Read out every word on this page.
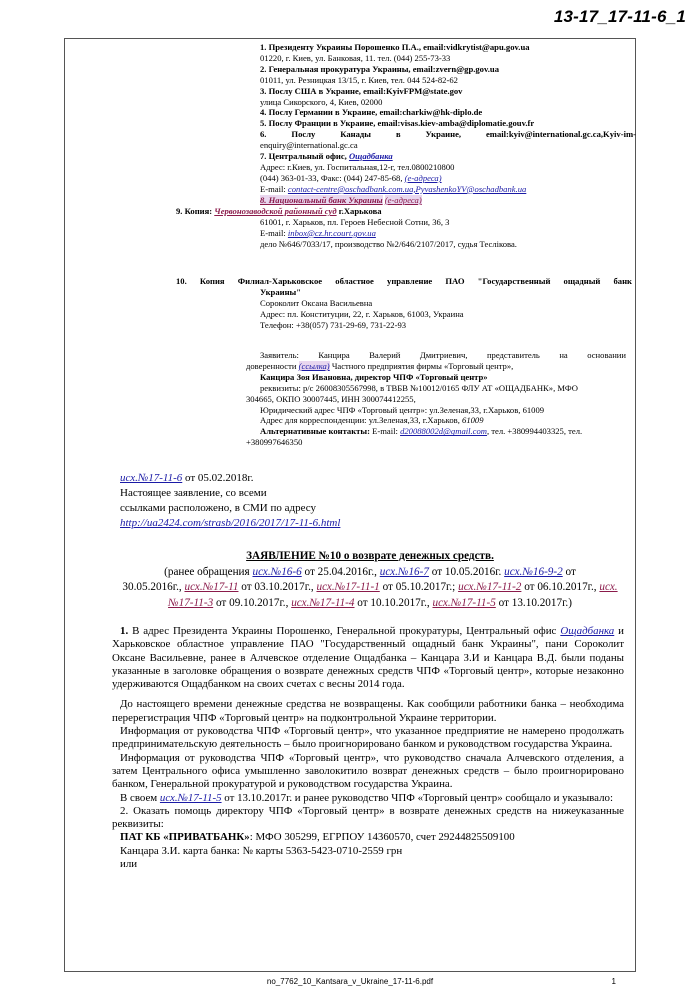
13-17_17-11-6_1
1. Президенту Украины Порошенко П.А., email:vidkrytist@apu.gov.ua
01220, г. Киев, ул. Банковая, 11. тел. (044) 255-73-33
2. Генеральная прокуратура Украины, email:zvern@gp.gov.ua
01011, ул. Резницкая 13/15, г. Киев, тел. 044 524-82-62
3. Послу США в Украине, email:KyivFPM@state.gov
улица Сикорского, 4, Киев, 02000
4. Послу Германии в Украине, email:charkiw@hk-diplo.de
5. Послу Франции в Украине, email:visas.kiev-amba@diplomatie.gouv.fr
6. Послу Канады в Украине, email:kyiv@international.gc.ca,Kyiv-im-
enquiry@international.gc.ca
7. Центральный офис, Ощадбанка
Адрес: г.Киев, ул. Госпитальная,12-г, тел.0800210800
(044) 363-01-33, Факс: (044) 247-85-68, (е-адреса)
E-mail: contact-centre@oschadbank.com.ua,PyvashenkoYV@oschadbank.ua
8. Национальный банк Украины (е-адреса)
9. Копия: Червонозаводской районный суд г.Харькова
61001, г. Харьков, пл. Героев Небесной Сотни, 36, 3
E-mail: inbox@cz.hr.court.gov.ua
дело №646/7033/17, производство №2/646/2107/2017, судья Теслікова.
10. Копия Филиал-Харьковское областное управление ПАО "Государственный ощадный банк
Украины"
Сороколит Оксана Васильевна
Адрес: пл. Конституции, 22, г. Харьков, 61003, Украина
Телефон: +38(057) 731-29-69, 731-22-93
Заявитель: Канцира Валерий Дмитриевич, представитель на основании
доверенности (ссылка) Частного предприятия фирмы «Торговый центр»,
Канцира Зоя Ивановна, директор ЧПФ «Торговый центр»
реквизиты: р/с 26008305567998, в ТВБВ №10012/0165 ФЛУ АТ «ОЩАДБАНК», МФО
304665, ОКПО 30007445, ИНН 300074412255,
Юридический адрес ЧПФ «Торговый центр»: ул.Зеленая,33, г.Харьков, 61009
Адрес для корреспонденции: ул.Зеленая,33, г.Харьков, 61009
Альтернативные контакты: E-mail: d20088002d@gmail.com, тел. +380994403325, тел.
+380997646350
исх.№17-11-6 от 05.02.2018г.
Настоящее заявление, со всеми
ссылками расположено, в СМИ по адресу
http://ua2424.com/strasb/2016/2017/17-11-6.html
ЗАЯВЛЕНИЕ №10 о возврате денежных средств.
(ранее обращения исх.№16-6 от 25.04.2016г., исх.№16-7 от 10.05.2016г. исх.№16-9-2 от
30.05.2016г., исх.№17-11 от 03.10.2017г., исх.№17-11-1 от 05.10.2017г.; исх.№17-11-2 от 06.10.2017г., исх.
№17-11-3 от 09.10.2017г., исх.№17-11-4 от 10.10.2017г., исх.№17-11-5 от 13.10.2017г.)

1. В адрес Президента Украины Порошенко, Генеральной прокуратуры, Центральный офис Ощадбанка и Харьковское областное управление ПАО "Государственный ощадный банк Украины", пани Сороколит Оксане Васильевне, ранее в Алчевское отделение Ощадбанка – Канцара З.И и Канцара В.Д. были поданы указанные в заголовке обращения о возврате денежных средств ЧПФ «Торговый центр», которые незаконно удерживаются Ощадбанком на своих счетах с весны 2014 года.

До настоящего времени денежные средства не возвращены. Как сообщили работники банка – необходима перерегистрация ЧПФ «Торговый центр» на подконтрольной Украине территории.

Информация от руководства ЧПФ «Торговый центр», что указанное предприятие не намерено продолжать предпринимательскую деятельность – было проигнорировано банком и руководством государства Украина.

Информация от руководства ЧПФ «Торговый центр», что руководство сначала Алчевского отделения, а затем Центрального офиса умышленно заволокитило возврат денежных средств – было проигнорировано банком, Генеральной прокуратурой и руководством государства Украина.

В своем исх.№17-11-5 от 13.10.2017г. и ранее руководство ЧПФ «Торговый центр» сообщало и указывало:

2. Оказать помощь директору ЧПФ «Торговый центр» в возврате денежных средств на нижеуказанные реквизиты:

ПАТ КБ «ПРИВАТБАНК»: МФО 305299, ЕГРПОУ 14360570, счет 29244825509100

Канцара З.И. карта банка: № карты 5363-5423-0710-2559 грн

или

no_7762_10_Kantsara_v_Ukraine_17-11-6.pdf	1
